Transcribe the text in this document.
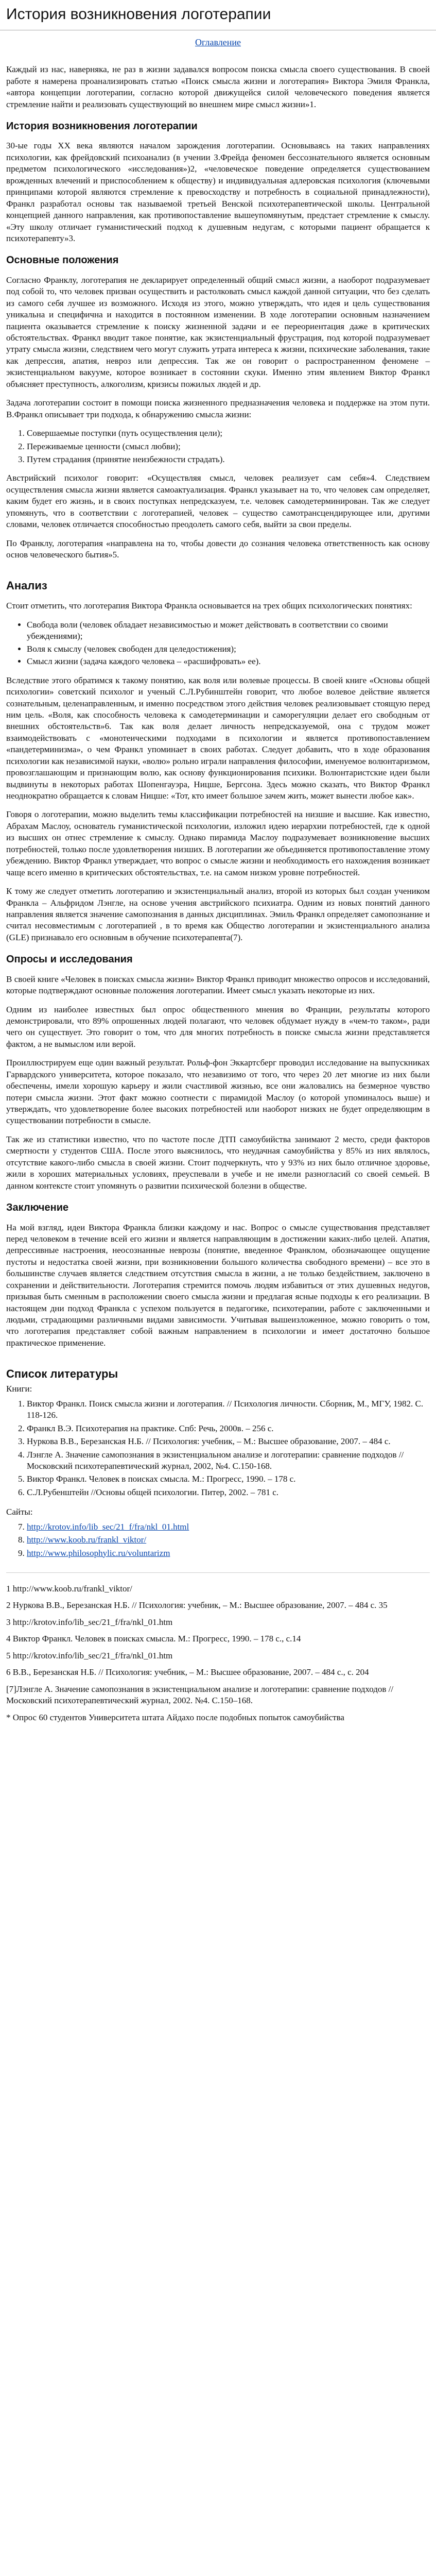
История возникновения логотерапии
Оглавление

Каждый из нас, наверняка, не раз в жизни задавался вопросом поиска смысла своего существования. В своей работе я намерена проанализировать статью «Поиск смысла жизни и логотерапия» Виктора Эмиля Франкла, «автора концепции логотерапии, согласно которой движущейся силой человеческого поведения является стремление найти и реализовать существующий во внешнем мире смысл жизни»1.

История возникновения логотерапии

30-ые годы XX века являются началом зарождения логотерапии. Основываясь на таких направлениях психологии, как фрейдовский психоанализ (в учении З.Фрейда феномен бессознательного является основным предметом психологического «исследования»)2, «человеческое поведение определяется существованием врожденных влечений и приспособлением к обществу) и индивидуальная адлеровская психология (ключевыми принципами которой являются стремление к превосходству и потребность в социальной принадлежности), Франкл разработал основы так называемой третьей Венской психотерапевтической школы. Центральной концепцией данного направления, как противопоставление вышеупомянутым, предстает стремление к смыслу. «Эту школу отличает гуманистический подход к душевным недугам, с которыми пациент обращается к психотерапевту»3.

Основные положения

Согласно Франклу, логотерапия не декларирует определенный общий смысл жизни, а наоборот подразумевает под собой то, что человек призван осуществить и растолковать смысл каждой данной ситуации, что без сделать из самого себя лучшее из возможного. Исходя из этого, можно утверждать, что идея и цель существования уникальна и специфична и находится в постоянном изменении. В ходе логотерапии основным назначением пациента оказывается стремление к поиску жизненной задачи и ее переориентация даже в критических обстоятельствах. Франкл вводит такое понятие, как экзистенциальный фрустрация, под которой подразумевает утрату смысла жизни, следствием чего могут служить утрата интереса к жизни, психические заболевания, такие как депрессия, апатия, невроз или депрессия. Так же он говорит о распространенном феномене – экзистенциальном вакууме, которое возникает в состоянии скуки. Именно этим явлением Виктор Франкл объясняет преступность, алкоголизм, кризисы пожилых людей и др.

Задача логотерапии состоит в помощи поиска жизненного предназначения человека и поддержке на этом пути. В.Франкл описывает три подхода, к обнаружению смысла жизни:

1. Совершаемые поступки (путь осуществления цели);
2. Переживаемые ценности (смысл любви);
3. Путем страдания (принятие неизбежности страдать).

Австрийский психолог говорит: «Осуществляя смысл, человек реализует сам себя»4. Следствием осуществления смысла жизни является самоактуализация. Франкл указывает на то, что человек сам определяет, каким будет его жизнь, и в своих поступках непредсказуем, т.е. человек самодетерминирован. Так же следует упомянуть, что в соответствии с логотерапией, человек – существо самотрансцендирующее или, другими словами, человек отличается способностью преодолеть самого себя, выйти за свои пределы.

По Франклу, логотерапия «направлена на то, чтобы довести до сознания человека ответственность как основу основ человеческого бытия»5.

Анализ

Стоит отметить, что логотерапия Виктора Франкла основывается на трех общих психологических понятиях:

• Свобода воли (человек обладает независимостью и может действовать в соответствии со своими убеждениями);
• Воля к смыслу (человек свободен для целедостижения);
• Смысл жизни (задача каждого человека – «расшифровать» ее).

Вследствие этого обратимся к такому понятию, как воля или волевые процессы. В своей книге «Основы общей психологии» советский психолог и ученый С.Л.Рубинштейн говорит, что любое волевое действие является сознательным, целенаправленным, и именно посредством этого действия человек реализовывает стоящую перед ним цель. «Воля, как способность человека к самодетерминации и саморегуляции делает его свободным от внешних обстоятельств»6. Так как воля делает личность непредсказуемой, она с трудом может взаимодействовать с «монотеическими подходами в психологии и является противопоставлением «пандетерминизма», о чем Франкл упоминает в своих работах. Следует добавить, что в ходе образования психологии как независимой науки, «волю» рольно играли направления философии, именуемое волюнтаризмом, провозглашающим и признающим волю, как основу функционирования психики. Волюнтаристские идеи были выдвинуты в некоторых работах Шопенгауэра, Ницше, Бергсона. Здесь можно сказать, что Виктор Франкл неоднократно обращается к словам Ницше: «Тот, кто имеет большое зачем жить, может вынести любое как».

Говоря о логотерапии, можно выделить темы классификации потребностей на низшие и высшие. Как известно, Абрахам Маслоу, основатель гуманистической психологии, изложил идею иерархии потребностей, где к одной из высших он отнес стремление к смыслу. Однако пирамида Маслоу подразумевает возникновение высших потребностей, только после удовлетворения низших. В логотерапии же объединяется противопоставление этому убеждению. Виктор Франкл утверждает, что вопрос о смысле жизни и необходимость его нахождения возникает чаще всего именно в критических обстоятельствах, т.е. на самом низком уровне потребностей.

К тому же следует отметить логотерапию и экзистенциальный анализ, второй из которых был создан учеником Франкла – Альфридом Лэнгле, на основе учения австрийского психиатра. Одним из новых понятий данного направления является значение самопознания в данных дисциплинах. Эмиль Франкл определяет самопознание и считал несовместимым с логотерапией , в то время как Общество логотерапии и экзистенциального анализа (GLE) признавало его основным в обучение психотерапевта(7).

Опросы и исследования

В своей книге «Человек в поисках смысла жизни» Виктор Франкл приводит множество опросов и исследований, которые подтверждают основные положения логотерапии. Имеет смысл указать некоторые из них.

Одним из наиболее известных был опрос общественного мнения во Франции, результаты которого демонстрировали, что 89% опрошенных людей полагают, что человек обдумает нужду в «чем-то таком», ради чего он существует. Это говорит о том, что для многих потребность в поиске смысла жизни представляется фактом, а не вымыслом или верой.

Проиллюстрируем еще один важный результат. Рольф-фон Эккартсберг проводил исследование на выпускниках Гарвардского университета, которое показало, что незавизимо от того, что через 20 лет многие из них были обеспечены, имели хорошую карьеру и жили счастливой жизнью, все они жаловались на безмерное чувство потери смысла жизни. Этот факт можно соотнести с пирамидой Маслоу (о которой упоминалось выше) и утверждать, что удовлетворение более высоких потребностей или наоборот низких не будет определяющим в существовании потребности в смысле.

Так же из статистики известно, что по частоте после ДТП самоубийства занимают 2 место, среди факторов смертности у студентов США. После этого выяснилось, что неудачная самоубийства у 85% из них являлось, отсутствие какого-либо смысла в своей жизни. Стоит подчеркнуть, что у 93% из них было отличное здоровье, жили в хороших материальных условиях, преуспевали в учебе и не имели разногласий со своей семьей. В данном контексте стоит упомянуть о развитии психической болезни в обществе.

Заключение

На мой взгляд, идеи Виктора Франкла близки каждому и нас. Вопрос о смысле существования представляет перед человеком в течение всей его жизни и является направляющим в достижении каких-либо целей. Апатия, депрессивные настроения, неосознанные неврозы (понятие, введенное Франклом, обозначающее ощущение пустоты и недостатка своей жизни, при возникновении большого количества свободного времени) – все это в большинстве случаев является следствием отсутствия смысла в жизни, а не только бездействием, заключено в сохранении и действительности. Логотерапия стремится помочь людям избавиться от этих душевных недугов, призывая быть сменным в расположении своего смысла жизни и предлагая ясные подходы к его реализации. В настоящем дни подход Франкла с успехом пользуется в педагогике, психотерапии, работе с заключенными и людьми, страдающими различными видами зависимости. Учитывая вышеизложенное, можно говорить о том, что логотерапия представляет собой важным направлением в психологии и имеет достаточно большое практическое применение.

Список литературы
Книги:
1. Виктор Франкл. Поиск смысла жизни и логотерапия. // Психология личности. Сборник, М., МГУ, 1982. С. 118-126.
2. Франкл В.Э. Психотерапия на практике. Спб: Речь, 2000в. – 256 с.
3. Нуркова В.В., Березанская Н.Б. // Психология: учебник, – М.: Высшее образование, 2007. – 484 с.
4. Лэнгле А. Значение самопознания в экзистенциальном анализе и логотерапии: сравнение подходов // Московский психотерапевтический журнал, 2002, №4. С.150-168.
5. Виктор Франкл. Человек в поисках смысла. М.: Прогресс, 1990. – 178 с.
6. С.Л.Рубенштейн //Основы общей психологии. Питер, 2002. – 781 с.
Сайты:
7. http://krotov.info/lib_sec/21_f/fra/nkl_01.html
8. http://www.koob.ru/frankl_viktor/
9. http://www.philosophylic.ru/voluntarizm

1 http://www.koob.ru/frankl_viktor/

2 Нуркова В.В., Березанская Н.Б. // Психология: учебник, – М.: Высшее образование, 2007. – 484 с. 35

3 http://krotov.info/lib_sec/21_f/fra/nkl_01.htm

4 Виктор Франкл. Человек в поисках смысла. М.: Прогресс, 1990. – 178 с., с.14

5 http://krotov.info/lib_sec/21_f/fra/nkl_01.htm

6 В.В., Березанская Н.Б. // Психология: учебник, – М.: Высшее образование, 2007. – 484 с., с. 204

[7]Лэнгле А. Значение самопознания в экзистенциальном анализе и логотерапии: сравнение подходов // Московский психотерапевтический журнал, 2002. №4. С.150–168.

* Опрос 60 студентов Университета штата Айдахо после подобных попыток самоубийства
